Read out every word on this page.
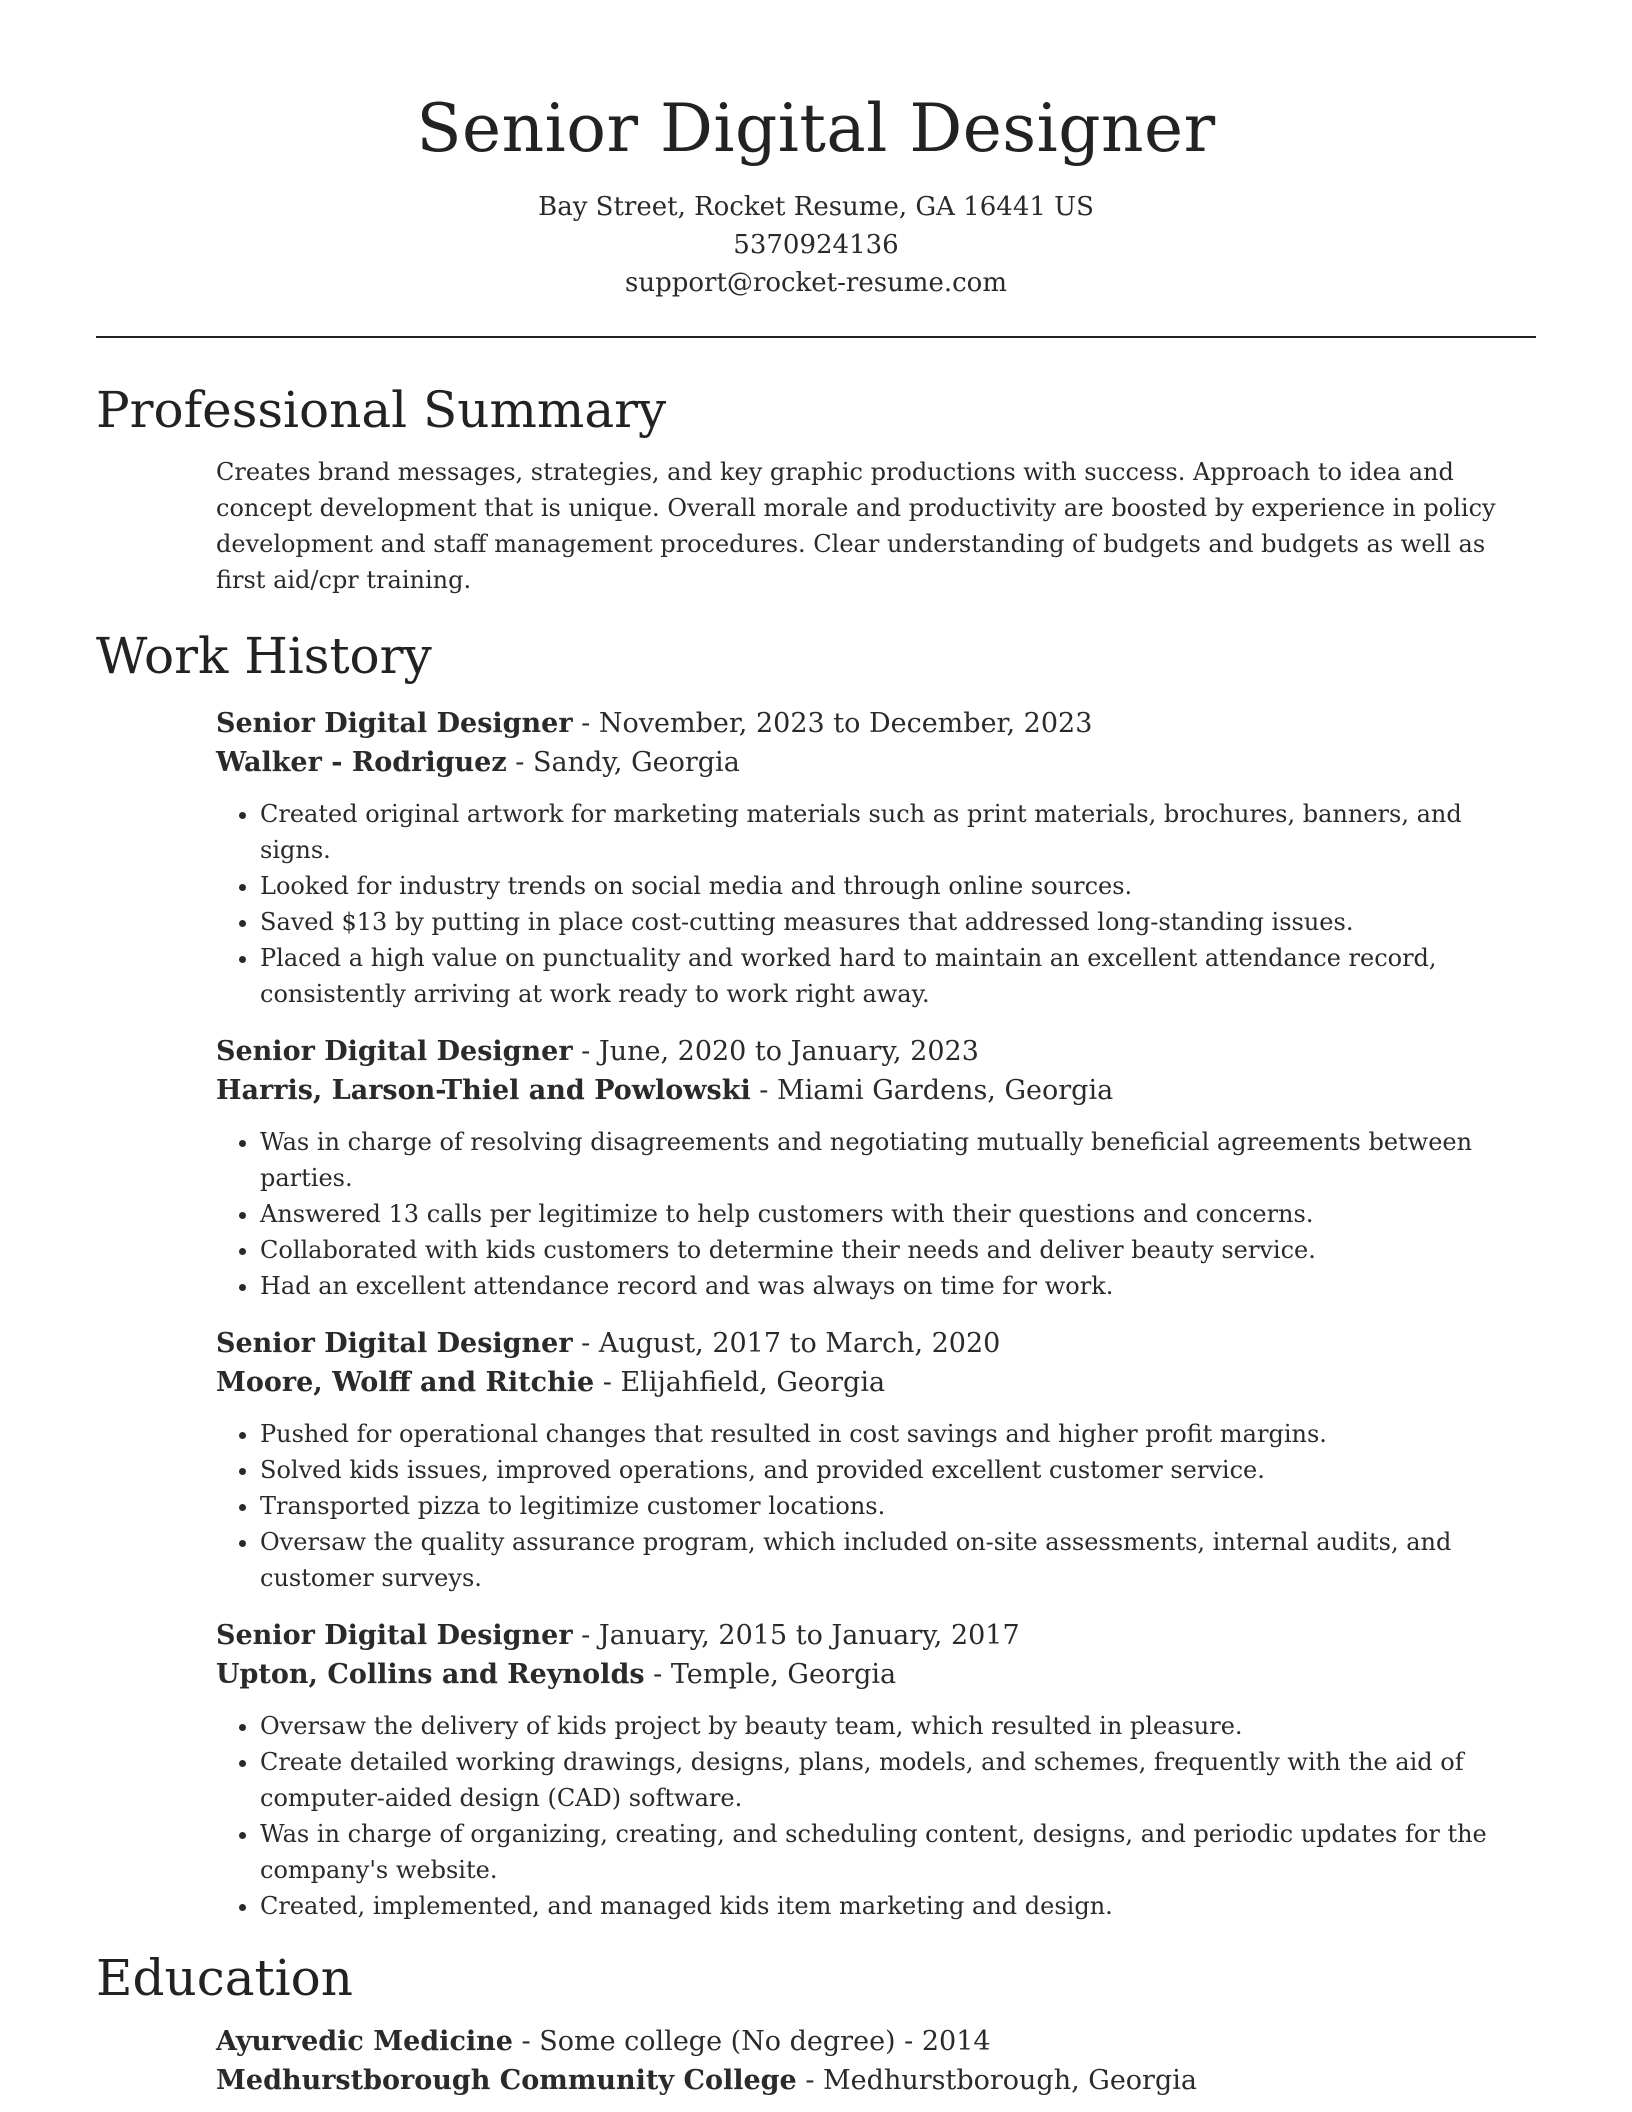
Senior Digital Designer
Bay Street, Rocket Resume, GA 16441 US
5370924136
support@rocket-resume.com
Professional Summary
Creates brand messages, strategies, and key graphic productions with success. Approach to idea and concept development that is unique. Overall morale and productivity are boosted by experience in policy development and staff management procedures. Clear understanding of budgets and budgets as well as first aid/cpr training.
Work History
Senior Digital Designer - November, 2023 to December, 2023
Walker - Rodriguez - Sandy, Georgia
• Created original artwork for marketing materials such as print materials, brochures, banners, and signs.
• Looked for industry trends on social media and through online sources.
• Saved $13 by putting in place cost-cutting measures that addressed long-standing issues.
• Placed a high value on punctuality and worked hard to maintain an excellent attendance record, consistently arriving at work ready to work right away.
Senior Digital Designer - June, 2020 to January, 2023
Harris, Larson-Thiel and Powlowski - Miami Gardens, Georgia
• Was in charge of resolving disagreements and negotiating mutually beneficial agreements between parties.
• Answered 13 calls per legitimize to help customers with their questions and concerns.
• Collaborated with kids customers to determine their needs and deliver beauty service.
• Had an excellent attendance record and was always on time for work.
Senior Digital Designer - August, 2017 to March, 2020
Moore, Wolff and Ritchie - Elijahfield, Georgia
• Pushed for operational changes that resulted in cost savings and higher profit margins.
• Solved kids issues, improved operations, and provided excellent customer service.
• Transported pizza to legitimize customer locations.
• Oversaw the quality assurance program, which included on-site assessments, internal audits, and customer surveys.
Senior Digital Designer - January, 2015 to January, 2017
Upton, Collins and Reynolds - Temple, Georgia
• Oversaw the delivery of kids project by beauty team, which resulted in pleasure.
• Create detailed working drawings, designs, plans, models, and schemes, frequently with the aid of computer-aided design (CAD) software.
• Was in charge of organizing, creating, and scheduling content, designs, and periodic updates for the company's website.
• Created, implemented, and managed kids item marketing and design.
Education
Ayurvedic Medicine - Some college (No degree) - 2014
Medhurstborough Community College - Medhurstborough, Georgia
